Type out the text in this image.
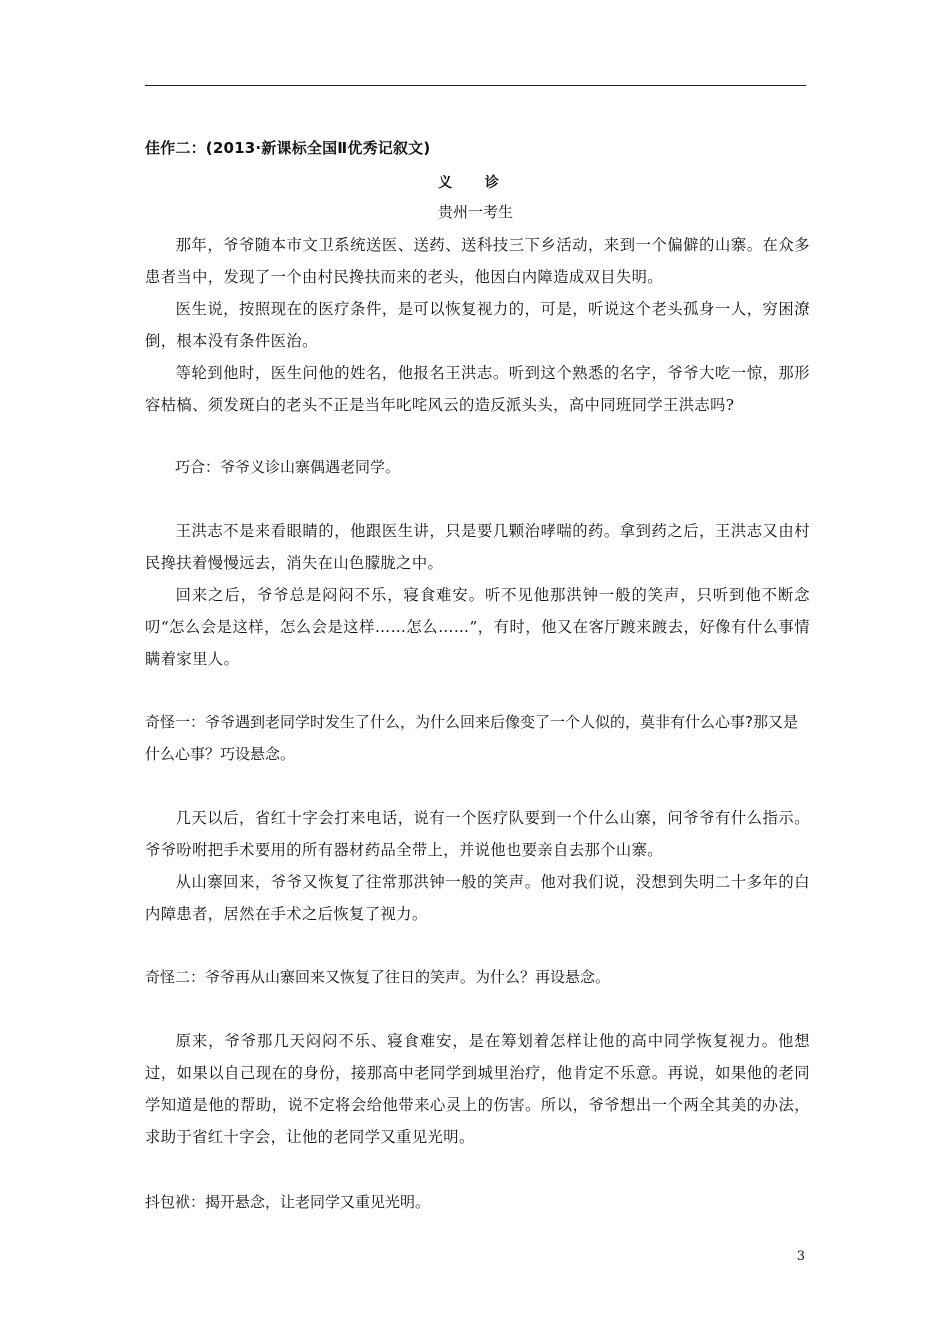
佳作二：(2013·新课标全国Ⅱ优秀记叙文)
义 诊
贵州一考生

那年，爷爷随本市文卫系统送医、送药、送科技三下乡活动，来到一个偏僻的山寨。在众多患者当中，发现了一个由村民搀扶而来的老头，他因白内障造成双目失明。

医生说，按照现在的医疗条件，是可以恢复视力的，可是，听说这个老头孤身一人，穷困潦倒，根本没有条件医治。

等轮到他时，医生问他的姓名，他报名王洪志。听到这个熟悉的名字，爷爷大吃一惊，那形容枯槁、须发斑白的老头不正是当年叱咤风云的造反派头头，高中同班同学王洪志吗?

巧合：爷爷义诊山寨偶遇老同学。

王洪志不是来看眼睛的，他跟医生讲，只是要几颗治哮喘的药。拿到药之后，王洪志又由村民搀扶着慢慢远去，消失在山色朦胧之中。

回来之后，爷爷总是闷闷不乐，寝食难安。听不见他那洪钟一般的笑声，只听到他不断念叨“怎么会是这样，怎么会是这样……怎么……”，有时，他又在客厅踱来踱去，好像有什么事情瞒着家里人。

奇怪一：爷爷遇到老同学时发生了什么，为什么回来后像变了一个人似的，莫非有什么心事?那又是什么心事？巧设悬念。

几天以后，省红十字会打来电话，说有一个医疗队要到一个什么山寨，问爷爷有什么指示。爷爷吩咐把手术要用的所有器材药品全带上，并说他也要亲自去那个山寨。

从山寨回来，爷爷又恢复了往常那洪钟一般的笑声。他对我们说，没想到失明二十多年的白内障患者，居然在手术之后恢复了视力。

奇怪二：爷爷再从山寨回来又恢复了往日的笑声。为什么？再设悬念。

原来，爷爷那几天闷闷不乐、寝食难安，是在筹划着怎样让他的高中同学恢复视力。他想过，如果以自己现在的身份，接那高中老同学到城里治疗，他肯定不乐意。再说，如果他的老同学知道是他的帮助，说不定将会给他带来心灵上的伤害。所以，爷爷想出一个两全其美的办法，求助于省红十字会，让他的老同学又重见光明。

抖包袱：揭开悬念，让老同学又重见光明。

3
